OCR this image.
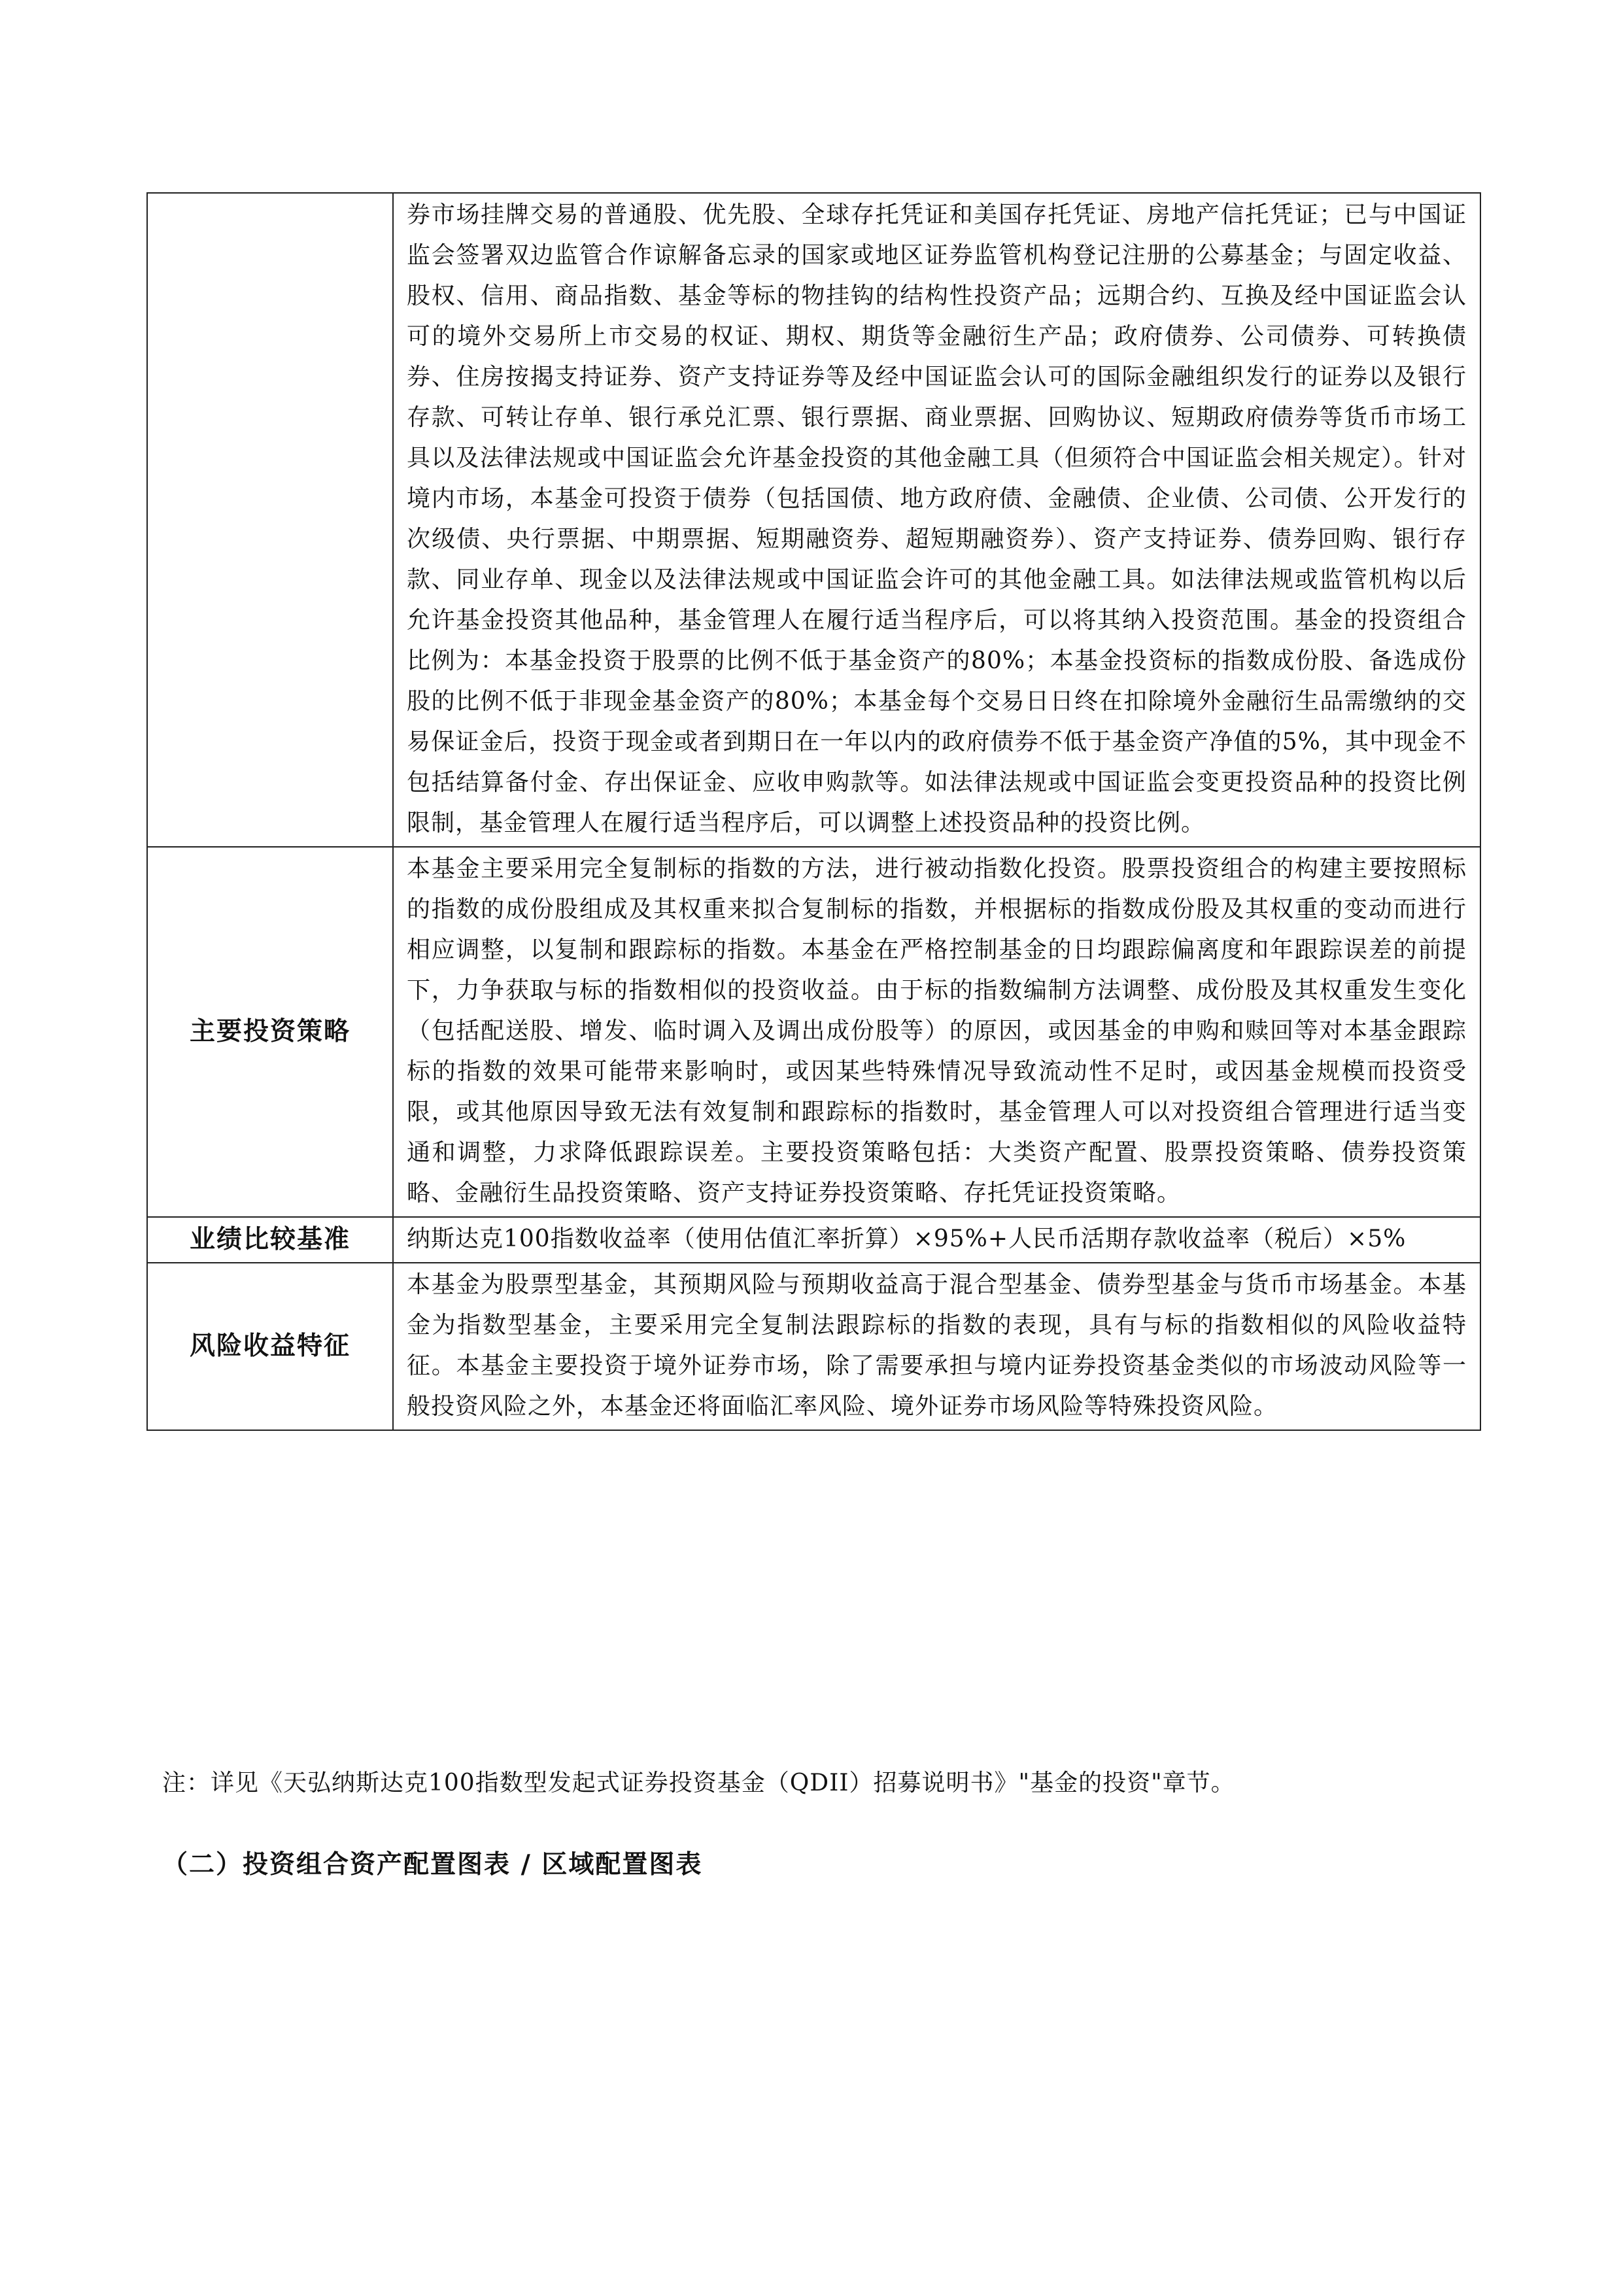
	券市场挂牌交易的普通股、优先股、全球存托凭证和美国存托凭证、房地产信托凭证；已与中国证监会签署双边监管合作谅解备忘录的国家或地区证券监管机构登记注册的公募基金；与固定收益、股权、信用、商品指数、基金等标的物挂钩的结构性投资产品；远期合约、互换及经中国证监会认可的境外交易所上市交易的权证、期权、期货等金融衍生产品；政府债券、公司债券、可转换债券、住房按揭支持证券、资产支持证券等及经中国证监会认可的国际金融组织发行的证券以及银行存款、可转让存单、银行承兑汇票、银行票据、商业票据、回购协议、短期政府债券等货币市场工具以及法律法规或中国证监会允许基金投资的其他金融工具（但须符合中国证监会相关规定）。针对境内市场，本基金可投资于债券（包括国债、地方政府债、金融债、企业债、公司债、公开发行的次级债、央行票据、中期票据、短期融资券、超短期融资券）、资产支持证券、债券回购、银行存款、同业存单、现金以及法律法规或中国证监会许可的其他金融工具。如法律法规或监管机构以后允许基金投资其他品种，基金管理人在履行适当程序后，可以将其纳入投资范围。基金的投资组合比例为：本基金投资于股票的比例不低于基金资产的80%；本基金投资标的指数成份股、备选成份股的比例不低于非现金基金资产的80%；本基金每个交易日日终在扣除境外金融衍生品需缴纳的交易保证金后，投资于现金或者到期日在一年以内的政府债券不低于基金资产净值的5%，其中现金不包括结算备付金、存出保证金、应收申购款等。如法律法规或中国证监会变更投资品种的投资比例限制，基金管理人在履行适当程序后，可以调整上述投资品种的投资比例。
主要投资策略	本基金主要采用完全复制标的指数的方法，进行被动指数化投资。股票投资组合的构建主要按照标的指数的成份股组成及其权重来拟合复制标的指数，并根据标的指数成份股及其权重的变动而进行相应调整，以复制和跟踪标的指数。本基金在严格控制基金的日均跟踪偏离度和年跟踪误差的前提下，力争获取与标的指数相似的投资收益。由于标的指数编制方法调整、成份股及其权重发生变化（包括配送股、增发、临时调入及调出成份股等）的原因，或因基金的申购和赎回等对本基金跟踪标的指数的效果可能带来影响时，或因某些特殊情况导致流动性不足时，或因基金规模而投资受限，或其他原因导致无法有效复制和跟踪标的指数时，基金管理人可以对投资组合管理进行适当变通和调整，力求降低跟踪误差。主要投资策略包括：大类资产配置、股票投资策略、债券投资策略、金融衍生品投资策略、资产支持证券投资策略、存托凭证投资策略。
业绩比较基准	纳斯达克100指数收益率（使用估值汇率折算）×95%+人民币活期存款收益率（税后）×5%
风险收益特征	本基金为股票型基金，其预期风险与预期收益高于混合型基金、债券型基金与货币市场基金。本基金为指数型基金，主要采用完全复制法跟踪标的指数的表现，具有与标的指数相似的风险收益特征。本基金主要投资于境外证券市场，除了需要承担与境内证券投资基金类似的市场波动风险等一般投资风险之外，本基金还将面临汇率风险、境外证券市场风险等特殊投资风险。
注：详见《天弘纳斯达克100指数型发起式证券投资基金（QDII）招募说明书》"基金的投资"章节。
（二）投资组合资产配置图表 / 区域配置图表
